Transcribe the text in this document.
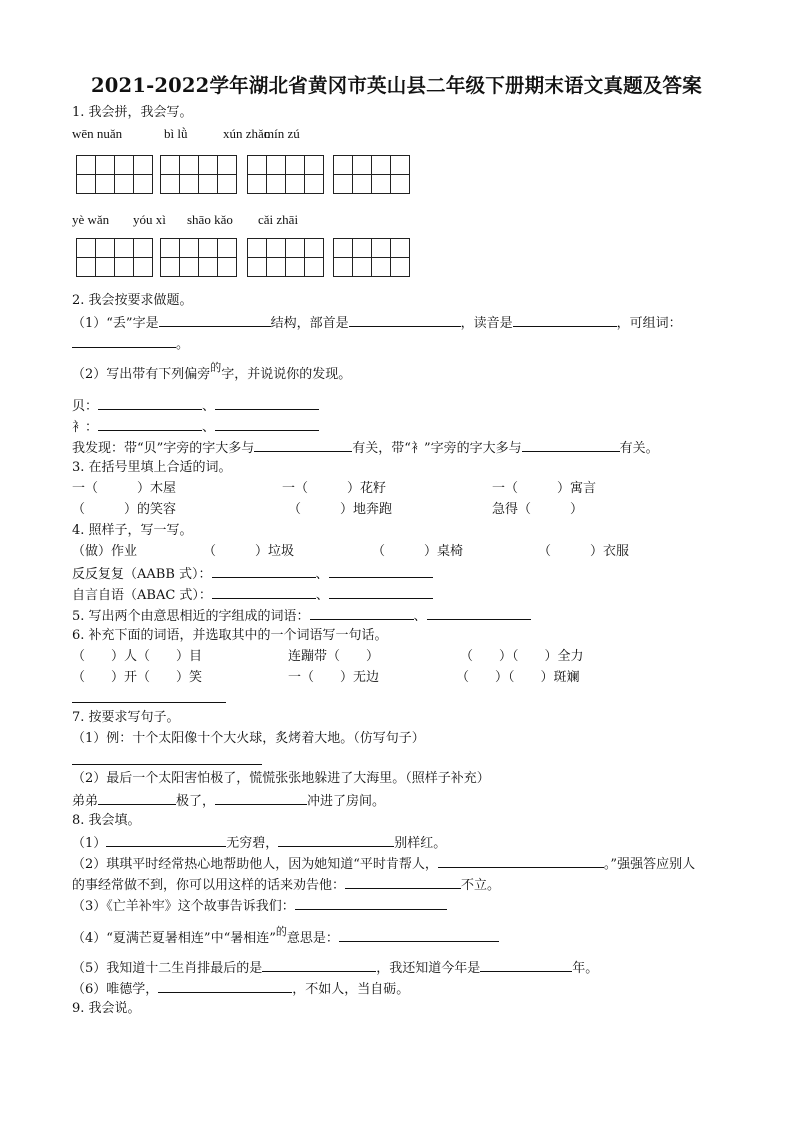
2021-2022学年湖北省黄冈市英山县二年级下册期末语文真题及答案
1. 我会拼，我会写。
wēn nuǎn	bì lǜ	xún zhǎo
mín zú
yè wǎn yóu xì shāo kǎo cǎi zhāi
2. 我会按要求做题。
（1）“丢”字是	结构，部首是	，读音是	，可组词：
。
（2）写出带有下列偏旁$^的$字，并说说你的发现。
贝：	、
衤：	、
我发现：带“贝”字旁的字大多与	有关，带“衤”字旁的字大多与	有关。
3. 在括号里填上合适的词。
一（　　　）木屋	一（　　　）花籽	一（　　　）寓言
（　　　）的笑容	（　　　）地奔跑	急得（　　　）
4. 照样子，写一写。
（做）作业	（　　　）垃圾	（　　　）桌椅	（　　　）衣服
反反复复（AABB 式）：	、
自言自语（ABAC 式）：	、
5. 写出两个由意思相近的字组成的词语：	、
6. 补充下面的词语，并选取其中的一个词语写一句话。
（　　）人（　　）目	连蹦带（　　）	（　　）（　　）全力
（　　）开（　　）笑	一（　　）无边	（　　）（　　）斑斓
7. 按要求写句子。
（1）例：十个太阳像十个大火球，炙烤着大地。（仿写句子）
（2）最后一个太阳害怕极了，慌慌张张地躲进了大海里。（照样子补充）
弟弟	极了，	冲进了房间。
8. 我会填。
（1）	无穷碧，	别样红。
（2）琪琪平时经常热心地帮助他人，因为她知道“平时肯帮人，	。”强强答应别人
的事经常做不到，你可以用这样的话来劝告他：	不立。
（3）《亡羊补牢》这个故事告诉我们：
（4）“夏满芒夏暑相连”中“暑相连”$^的$意思是：
（5）我知道十二生肖排最后的是	，我还知道今年是	年。
（6）唯德学，	，不如人，当自砺。
9. 我会说。
